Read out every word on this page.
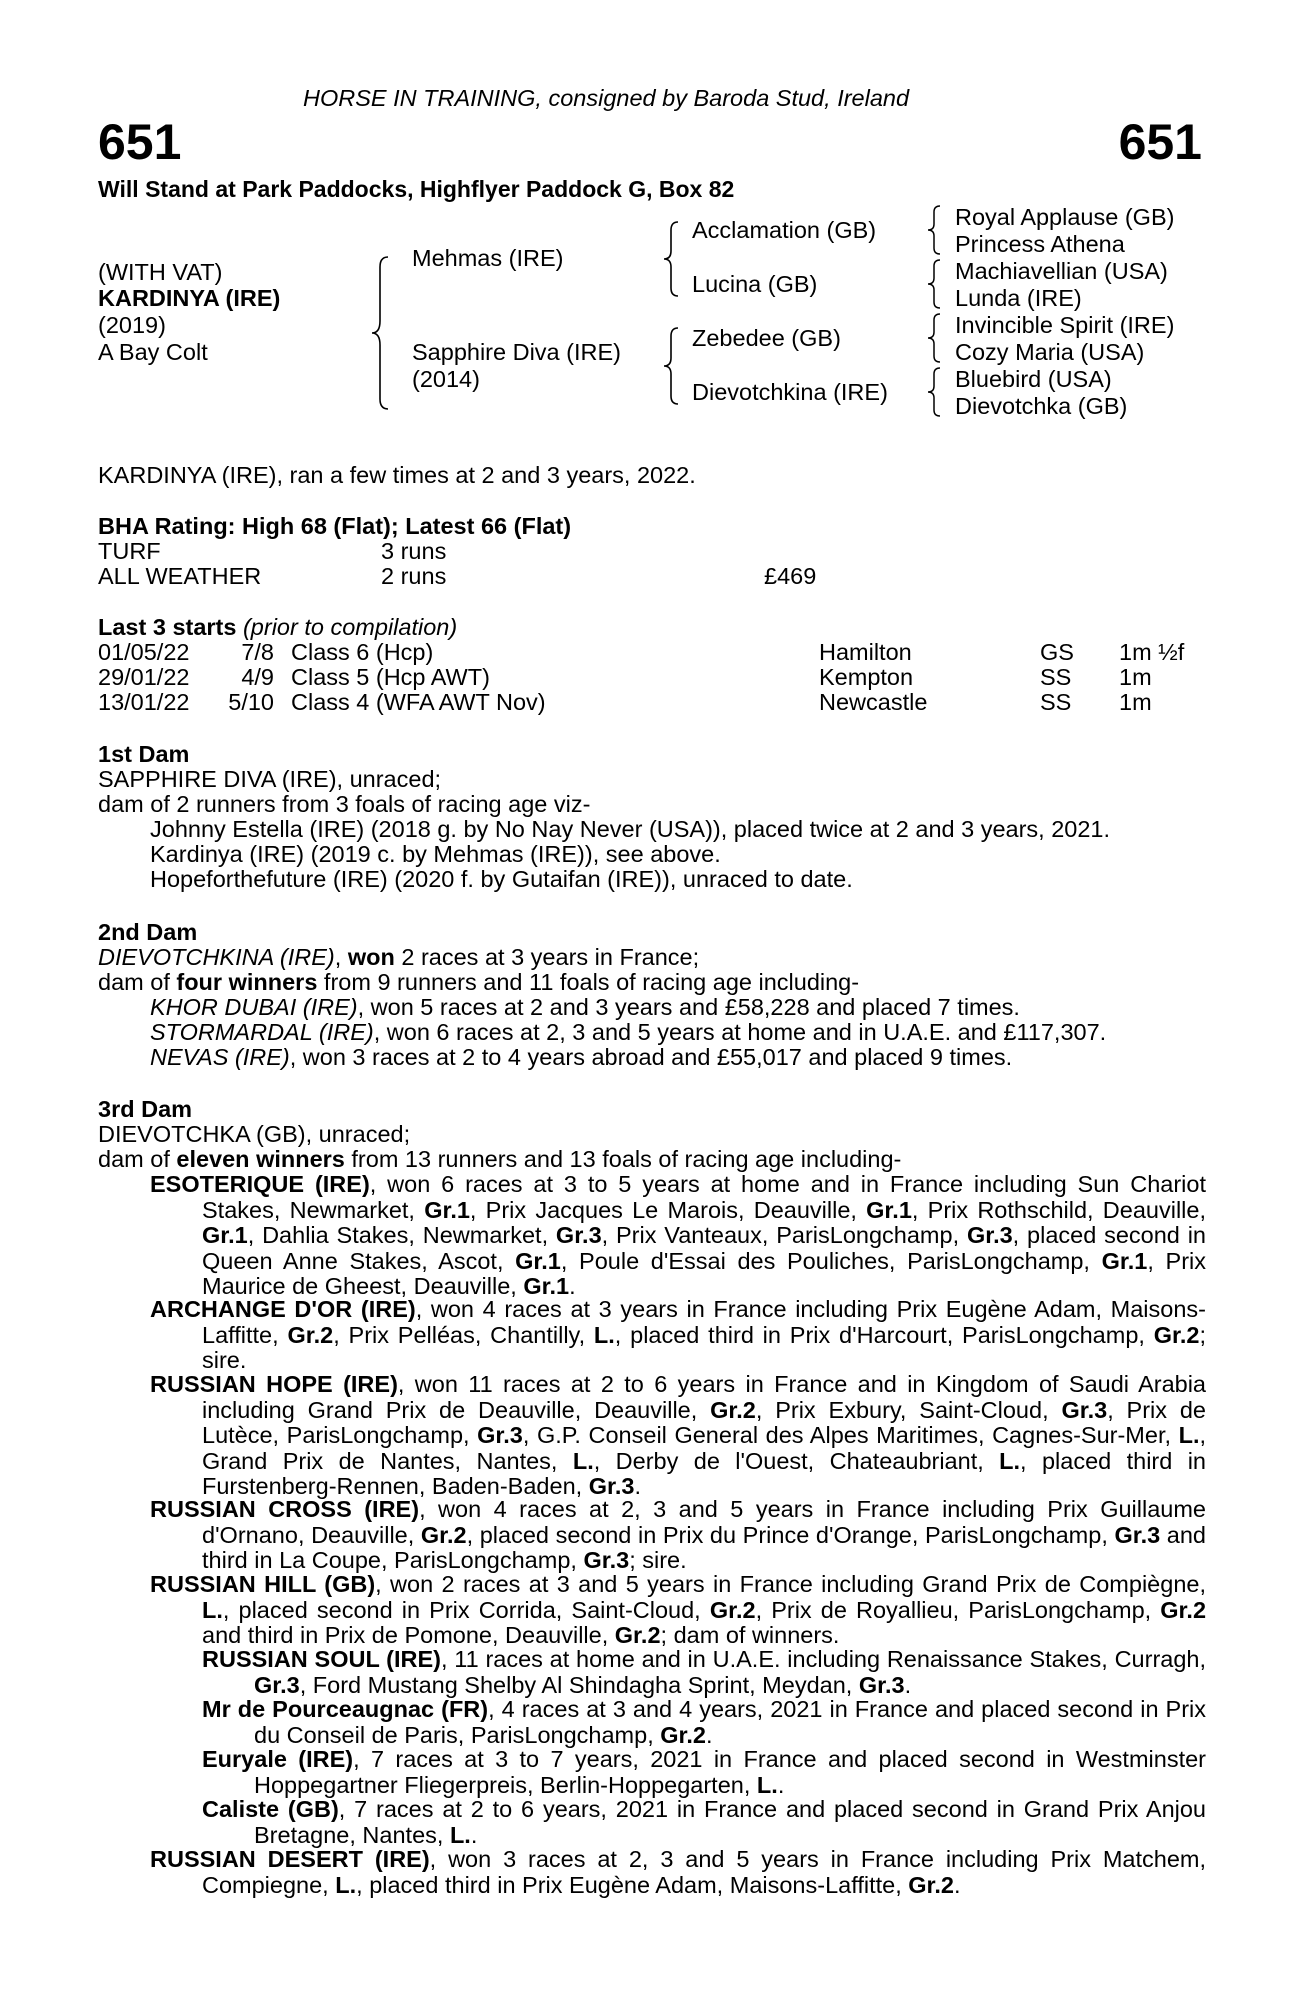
HORSE IN TRAINING, consigned by Baroda Stud, Ireland
651	651
Will Stand at Park Paddocks, Highflyer Paddock G, Box 82
(WITH VAT)
KARDINYA (IRE)
(2019)
A Bay Colt
Mehmas (IRE)
Sapphire Diva (IRE)
(2014)
Acclamation (GB)
Lucina (GB)
Zebedee (GB)
Dievotchkina (IRE)
Royal Applause (GB)
Princess Athena
Machiavellian (USA)
Lunda (IRE)
Invincible Spirit (IRE)
Cozy Maria (USA)
Bluebird (USA)
Dievotchka (GB)
KARDINYA (IRE), ran a few times at 2 and 3 years, 2022.
BHA Rating: High 68 (Flat); Latest 66 (Flat)
TURF	3 runs
ALL WEATHER	2 runs	£469
Last 3 starts (prior to compilation)
01/05/22 7/8 Class 6 (Hcp)	Hamilton	GS 1m ½f
29/01/22 4/9 Class 5 (Hcp AWT)	Kempton	SS 1m
13/01/22 5/10 Class 4 (WFA AWT Nov)	Newcastle	SS 1m
1st Dam
SAPPHIRE DIVA (IRE), unraced;
dam of 2 runners from 3 foals of racing age viz-
Johnny Estella (IRE) (2018 g. by No Nay Never (USA)), placed twice at 2 and 3 years, 2021.
Kardinya (IRE) (2019 c. by Mehmas (IRE)), see above.
Hopeforthefuture (IRE) (2020 f. by Gutaifan (IRE)), unraced to date.
2nd Dam
DIEVOTCHKINA (IRE), won 2 races at 3 years in France;
dam of four winners from 9 runners and 11 foals of racing age including-
KHOR DUBAI (IRE), won 5 races at 2 and 3 years and £58,228 and placed 7 times.
STORMARDAL (IRE), won 6 races at 2, 3 and 5 years at home and in U.A.E. and £117,307.
NEVAS (IRE), won 3 races at 2 to 4 years abroad and £55,017 and placed 9 times.
3rd Dam
DIEVOTCHKA (GB), unraced;
dam of eleven winners from 13 runners and 13 foals of racing age including-
ESOTERIQUE (IRE), won 6 races at 3 to 5 years at home and in France including Sun Chariot Stakes, Newmarket, Gr.1, Prix Jacques Le Marois, Deauville, Gr.1, Prix Rothschild, Deauville, Gr.1, Dahlia Stakes, Newmarket, Gr.3, Prix Vanteaux, ParisLongchamp, Gr.3, placed second in Queen Anne Stakes, Ascot, Gr.1, Poule d'Essai des Pouliches, ParisLongchamp, Gr.1, Prix Maurice de Gheest, Deauville, Gr.1.
ARCHANGE D'OR (IRE), won 4 races at 3 years in France including Prix Eugène Adam, Maisons-Laffitte, Gr.2, Prix Pelléas, Chantilly, L., placed third in Prix d'Harcourt, ParisLongchamp, Gr.2; sire.
RUSSIAN HOPE (IRE), won 11 races at 2 to 6 years in France and in Kingdom of Saudi Arabia including Grand Prix de Deauville, Deauville, Gr.2, Prix Exbury, Saint-Cloud, Gr.3, Prix de Lutèce, ParisLongchamp, Gr.3, G.P. Conseil General des Alpes Maritimes, Cagnes-Sur-Mer, L., Grand Prix de Nantes, Nantes, L., Derby de l'Ouest, Chateaubriant, L., placed third in Furstenberg-Rennen, Baden-Baden, Gr.3.
RUSSIAN CROSS (IRE), won 4 races at 2, 3 and 5 years in France including Prix Guillaume d'Ornano, Deauville, Gr.2, placed second in Prix du Prince d'Orange, ParisLongchamp, Gr.3 and third in La Coupe, ParisLongchamp, Gr.3; sire.
RUSSIAN HILL (GB), won 2 races at 3 and 5 years in France including Grand Prix de Compiègne, L., placed second in Prix Corrida, Saint-Cloud, Gr.2, Prix de Royallieu, ParisLongchamp, Gr.2 and third in Prix de Pomone, Deauville, Gr.2; dam of winners.
RUSSIAN SOUL (IRE), 11 races at home and in U.A.E. including Renaissance Stakes, Curragh, Gr.3, Ford Mustang Shelby Al Shindagha Sprint, Meydan, Gr.3.
Mr de Pourceaugnac (FR), 4 races at 3 and 4 years, 2021 in France and placed second in Prix du Conseil de Paris, ParisLongchamp, Gr.2.
Euryale (IRE), 7 races at 3 to 7 years, 2021 in France and placed second in Westminster Hoppegartner Fliegerpreis, Berlin-Hoppegarten, L..
Caliste (GB), 7 races at 2 to 6 years, 2021 in France and placed second in Grand Prix Anjou Bretagne, Nantes, L..
RUSSIAN DESERT (IRE), won 3 races at 2, 3 and 5 years in France including Prix Matchem, Compiegne, L., placed third in Prix Eugène Adam, Maisons-Laffitte, Gr.2.
